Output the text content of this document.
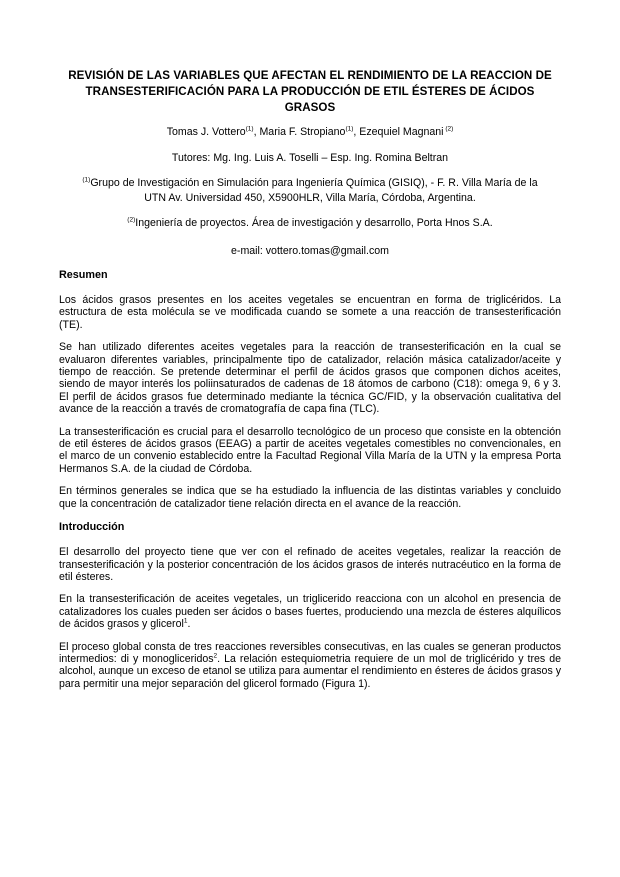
REVISIÓN DE LAS VARIABLES QUE AFECTAN EL RENDIMIENTO DE LA REACCION DE
TRANSESTERIFICACIÓN PARA LA PRODUCCIÓN DE ETIL ÉSTERES DE ÁCIDOS GRASOS
Tomas J. Vottero$^{(1)}$, Maria F. Stropiano$^{(1)}$, Ezequiel Magnani $^{(2)}$
Tutores: Mg. Ing. Luis A. Toselli – Esp. Ing. Romina Beltran
$^{(1)}$Grupo de Investigación en Simulación para Ingeniería Química (GISIQ), - F. R. Villa María de la
UTN Av. Universidad 450, X5900HLR, Villa María, Córdoba, Argentina.
$^{(2)}$Ingeniería de proyectos. Área de investigación y desarrollo, Porta Hnos S.A.
e-mail: vottero.tomas@gmail.com
Resumen

Los ácidos grasos presentes en los aceites vegetales se encuentran en forma de triglicéridos. La estructura de esta molécula se ve modificada cuando se somete a una reacción de transesterificación (TE).

Se han utilizado diferentes aceites vegetales para la reacción de transesterificación en la cual se evaluaron diferentes variables, principalmente tipo de catalizador, relación másica catalizador/aceite y tiempo de reacción. Se pretende determinar el perfil de ácidos grasos que componen dichos aceites, siendo de mayor interés los poliinsaturados de cadenas de 18 átomos de carbono (C18): omega 9, 6 y 3. El perfil de ácidos grasos fue determinado mediante la técnica GC/FID, y la observación cualitativa del avance de la reacción a través de cromatografía de capa fina (TLC).

La transesterificación es crucial para el desarrollo tecnológico de un proceso que consiste en la obtención de etil ésteres de ácidos grasos (EEAG) a partir de aceites vegetales comestibles no convencionales, en el marco de un convenio establecido entre la Facultad Regional Villa María de la UTN y la empresa Porta Hermanos S.A. de la ciudad de Córdoba.

En términos generales se indica que se ha estudiado la influencia de las distintas variables y concluido que la concentración de catalizador tiene relación directa en el avance de la reacción.

Introducción

El desarrollo del proyecto tiene que ver con el refinado de aceites vegetales, realizar la reacción de transesterificación y la posterior concentración de los ácidos grasos de interés nutracéutico en la forma de etil ésteres.

En la transesterificación de aceites vegetales, un triglicerido reacciona con un alcohol en presencia de catalizadores los cuales pueden ser ácidos o bases fuertes, produciendo una mezcla de ésteres alquílicos de ácidos grasos y glicerol$^1$.

El proceso global consta de tres reacciones reversibles consecutivas, en las cuales se generan productos intermedios: di y monogliceridos$^2$. La relación estequiometria requiere de un mol de triglicérido y tres de alcohol, aunque un exceso de etanol se utiliza para aumentar el rendimiento en ésteres de ácidos grasos y para permitir una mejor separación del glicerol formado (Figura 1).
